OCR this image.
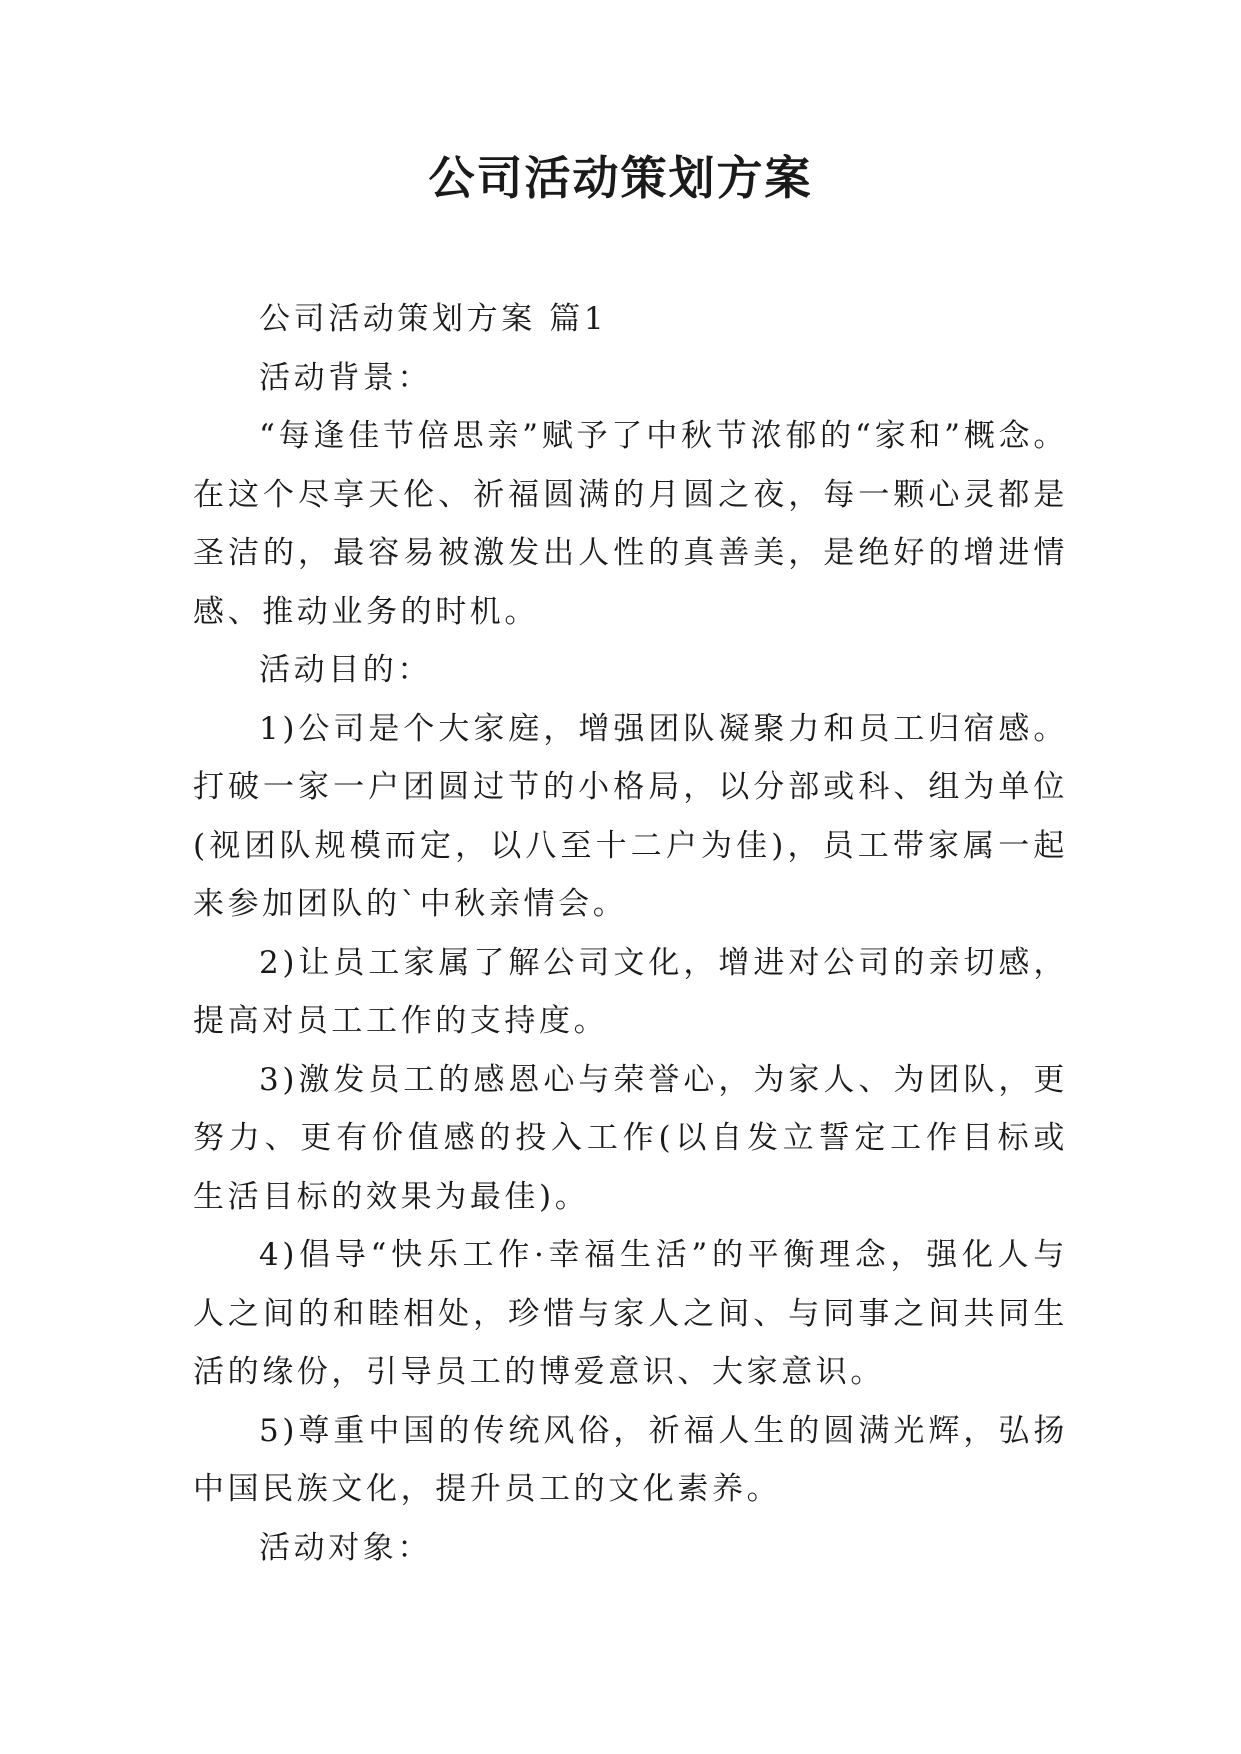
公司活动策划方案

公司活动策划方案 篇1

活动背景：

“每逢佳节倍思亲”赋予了中秋节浓郁的“家和”概念。在这个尽享天伦、祈福圆满的月圆之夜，每一颗心灵都是圣洁的，最容易被激发出人性的真善美，是绝好的增进情感、推动业务的时机。

活动目的：

1)公司是个大家庭，增强团队凝聚力和员工归宿感。打破一家一户团圆过节的小格局，以分部或科、组为单位(视团队规模而定，以八至十二户为佳)，员工带家属一起来参加团队的`中秋亲情会。

2)让员工家属了解公司文化，增进对公司的亲切感，提高对员工工作的支持度。

3)激发员工的感恩心与荣誉心，为家人、为团队，更努力、更有价值感的投入工作(以自发立誓定工作目标或生活目标的效果为最佳)。

4)倡导“快乐工作·幸福生活”的平衡理念，强化人与人之间的和睦相处，珍惜与家人之间、与同事之间共同生活的缘份，引导员工的博爱意识、大家意识。

5)尊重中国的传统风俗，祈福人生的圆满光辉，弘扬中国民族文化，提升员工的文化素养。

活动对象：
